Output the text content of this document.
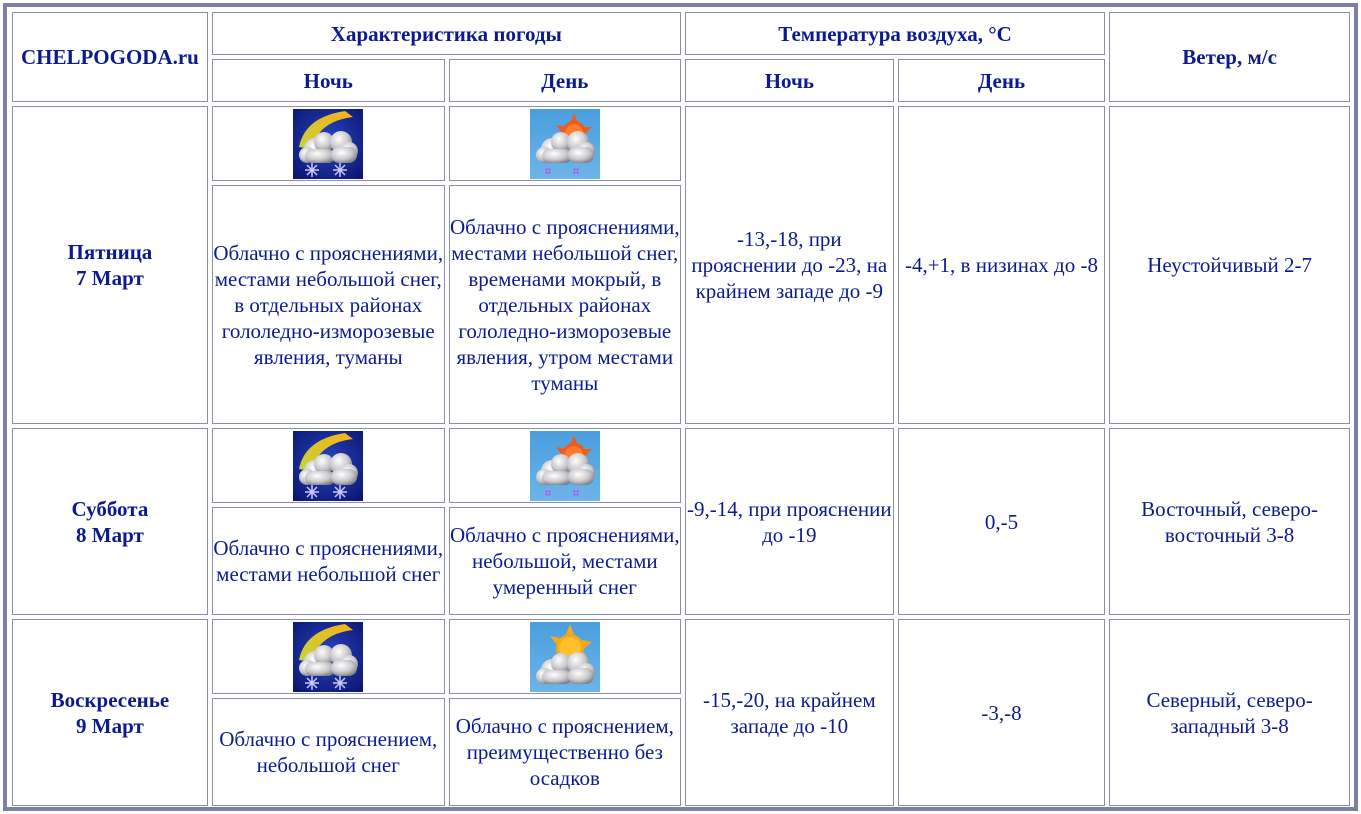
CHELPOGODA.ru	Характеристика погоды		Температура воздуха, °С		Ветер, м/с
	Ночь	День	Ночь	День	
Пятница
7 Март			-13,-18, при прояснении до -23, на крайнем западе до -9	-4,+1, в низинах до -8	Неустойчивый 2-7
	Облачно с прояснениями, местами небольшой снег, в отдельных районах гололедно-изморозевые явления, туманы	Облачно с прояснениями, местами небольшой снег, временами мокрый, в отдельных районах гололедно-изморозевые явления, утром местами туманы			
Суббота
8 Март			-9,-14, при прояснении до -19	0,-5	Восточный, северо-восточный 3-8
	Облачно с прояснениями, местами небольшой снег	Облачно с прояснениями, небольшой, местами умеренный снег			
Воскресенье
9 Март			-15,-20, на крайнем западе до -10	-3,-8	Северный, северо-западный 3-8
	Облачно с прояснением, небольшой снег	Облачно с прояснением, преимущественно без осадков			
